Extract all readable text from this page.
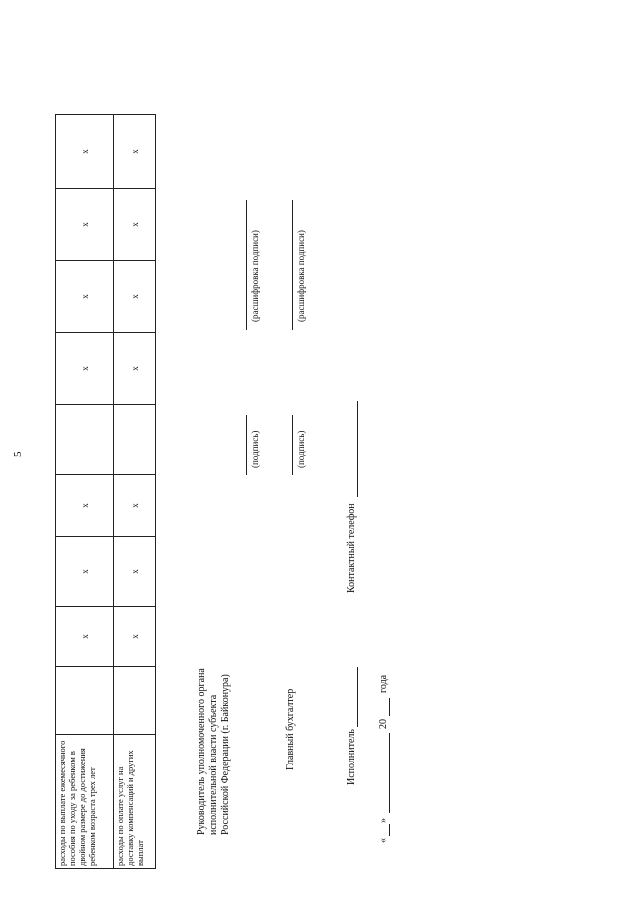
5
расходы по выплате ежемесячного пособия по уходу за ребенком в двойном размере до достижения ребенком возраста трех лет		x	x	x		x	x	x	x
расходы по оплате услуг на доставку компенсаций и других выплат		x	x	x		x	x	x	x
Руководитель уполномоченного органа исполнительной власти субъекта Российской Федерации (г. Байконура)
(подпись)
(расшифровка подписи)
Главный бухгалтер
(подпись)
(расшифровка подписи)
Исполнитель
Контактный телефон
«
»
20
года
